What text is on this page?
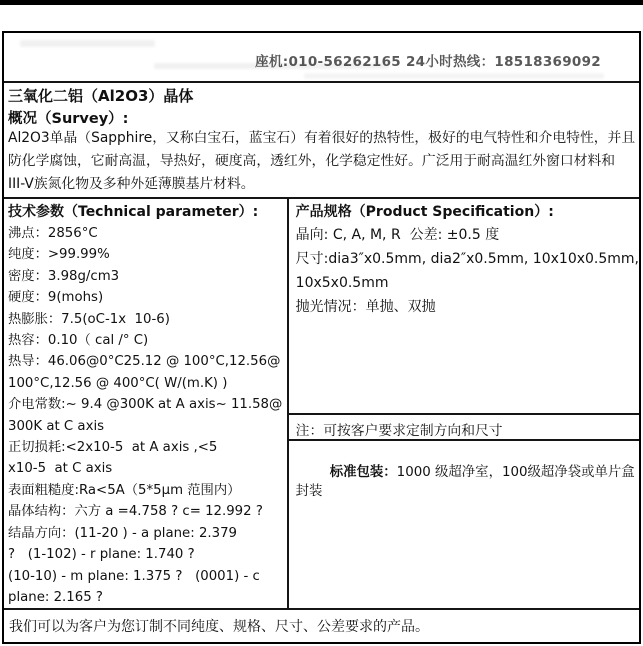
座机:010-56262165 24小时热线：18518369092
三氧化二铝（Al2O3）晶体
概况（Survey）:
Al2O3单晶（Sapphire，又称白宝石，蓝宝石）有着很好的热特性，极好的电气特性和介电特性，并且
防化学腐蚀，它耐高温，导热好，硬度高，透红外，化学稳定性好。广泛用于耐高温红外窗口材料和
III-V族氮化物及多种外延薄膜基片材料。
技术参数（Technical parameter）:
沸点：2856°C
纯度：>99.99%
密度：3.98g/cm3
硬度：9(mohs)
热膨胀：7.5(oC-1x  10-6)
热容：0.10（ cal /° C)
热导：46.06@0°C25.12 @ 100°C,12.56@
100°C,12.56 @ 400°C( W/(m.K) )
介电常数:~ 9.4 @300K at A axis~ 11.58@
300K at C axis
正切损耗:<2x10-5  at A axis ,<5
x10-5  at C axis
表面粗糙度:Ra<5A（5*5μm 范围内）
晶体结构：六方 a =4.758 ? c= 12.992 ?
结晶方向：(11-20 ) - a plane: 2.379
?   (1-102) - r plane: 1.740 ?
(10-10) - m plane: 1.375 ?   (0001) - c
plane: 2.165 ?
产品规格（Product Specification）:
晶向: C, A, M, R  公差: ±0.5 度
尺寸:dia3″x0.5mm, dia2″x0.5mm, 10x10x0.5mm,
10x5x0.5mm
抛光情况：单抛、双抛
注：可按客户要求定制方向和尺寸

标准包装：1000 级超净室，100级超净袋或单片盒封装

我们可以为客户为您订制不同纯度、规格、尺寸、公差要求的产品。
